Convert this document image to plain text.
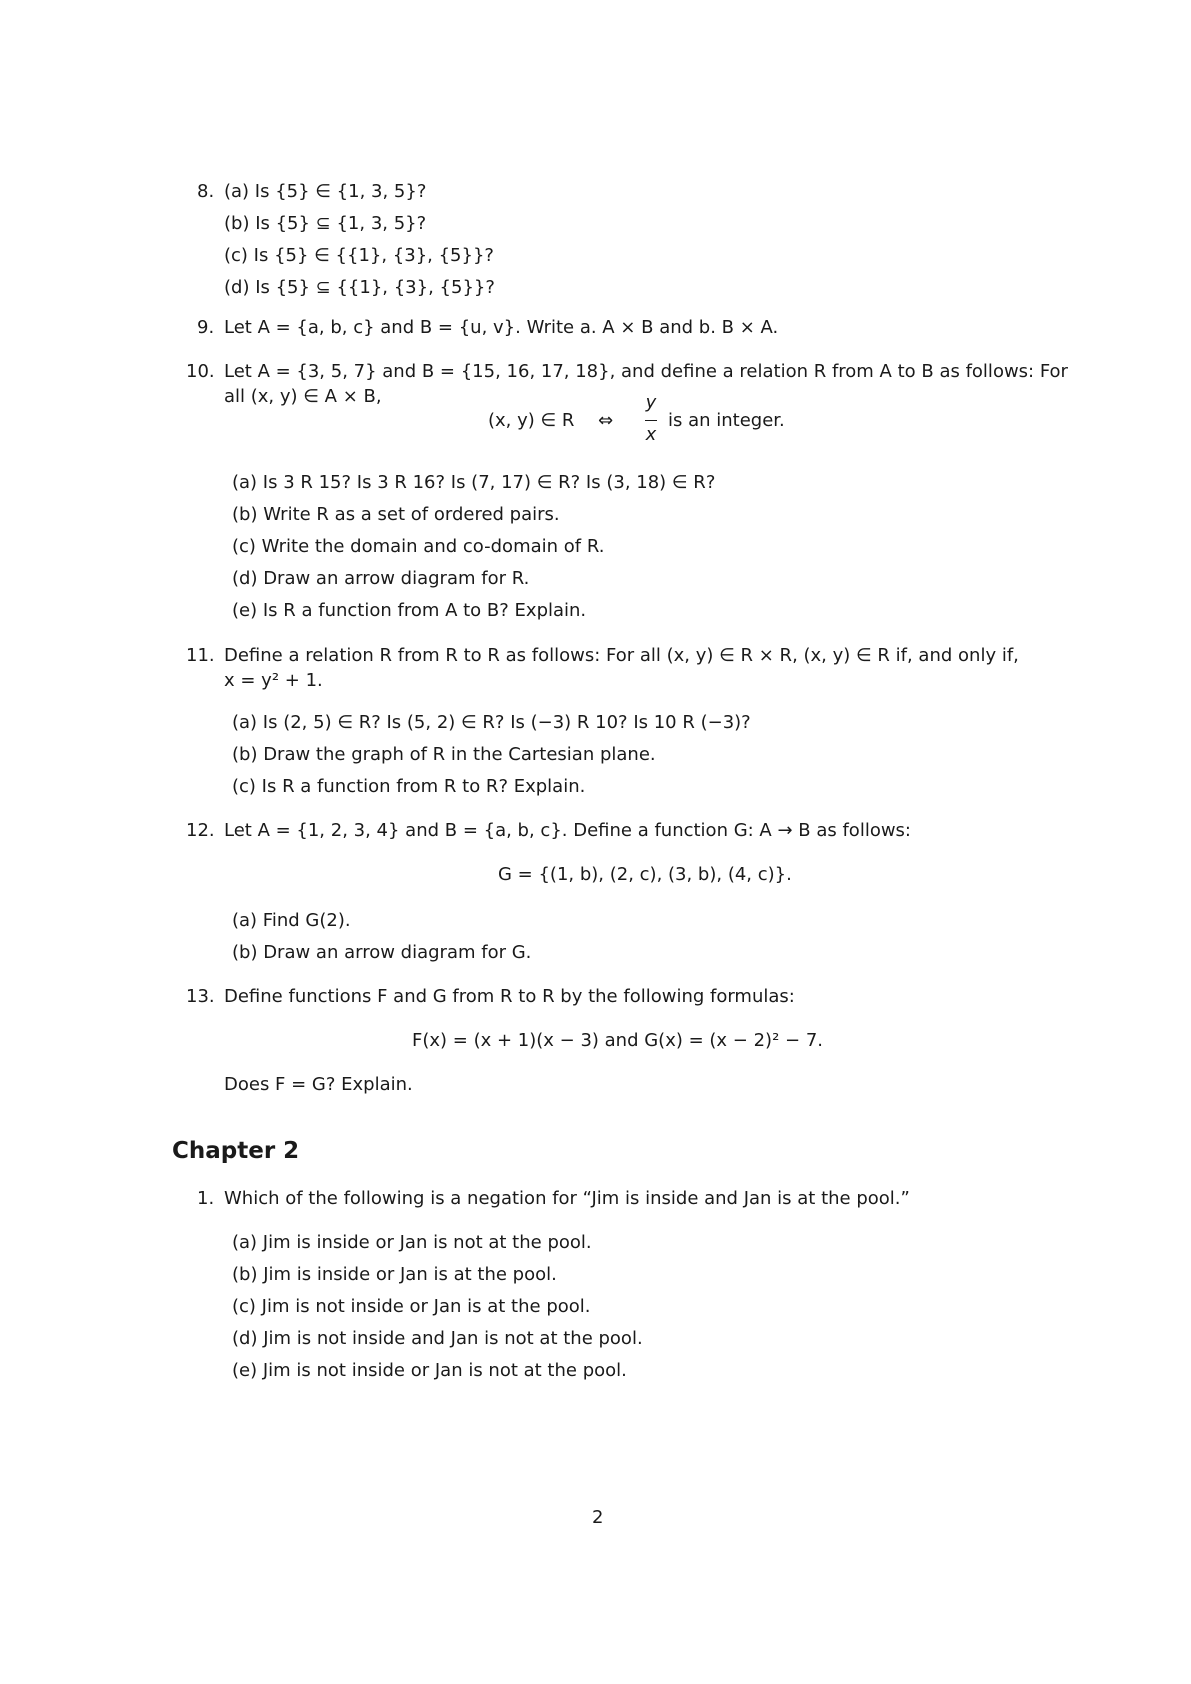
8. (a) Is {5} ∈ {1, 3, 5}?
(b) Is {5} ⊆ {1, 3, 5}?
(c) Is {5} ∈ {{1}, {3}, {5}}?
(d) Is {5} ⊆ {{1}, {3}, {5}}?
9. Let A = {a, b, c} and B = {u, v}. Write a. A × B and b. B × A.
10. Let A = {3, 5, 7} and B = {15, 16, 17, 18}, and define a relation R from A to B as follows: For
all (x, y) ∈ A × B,
(x, y) ∈ R ⇔
y
x
is an integer.
(a) Is 3 R 15? Is 3 R 16? Is (7, 17) ∈ R? Is (3, 18) ∈ R?
(b) Write R as a set of ordered pairs.
(c) Write the domain and co-domain of R.
(d) Draw an arrow diagram for R.
(e) Is R a function from A to B? Explain.
11. Define a relation R from R to R as follows: For all (x, y) ∈ R × R, (x, y) ∈ R if, and only if,
x = y² + 1.
(a) Is (2, 5) ∈ R? Is (5, 2) ∈ R? Is (−3) R 10? Is 10 R (−3)?
(b) Draw the graph of R in the Cartesian plane.
(c) Is R a function from R to R? Explain.
12. Let A = {1, 2, 3, 4} and B = {a, b, c}. Define a function G: A → B as follows:
G = {(1, b), (2, c), (3, b), (4, c)}.
(a) Find G(2).
(b) Draw an arrow diagram for G.
13. Define functions F and G from R to R by the following formulas:
F(x) = (x + 1)(x − 3) and G(x) = (x − 2)² − 7.
Does F = G? Explain.
Chapter 2
1. Which of the following is a negation for “Jim is inside and Jan is at the pool.”
(a) Jim is inside or Jan is not at the pool.
(b) Jim is inside or Jan is at the pool.
(c) Jim is not inside or Jan is at the pool.
(d) Jim is not inside and Jan is not at the pool.
(e) Jim is not inside or Jan is not at the pool.
2
